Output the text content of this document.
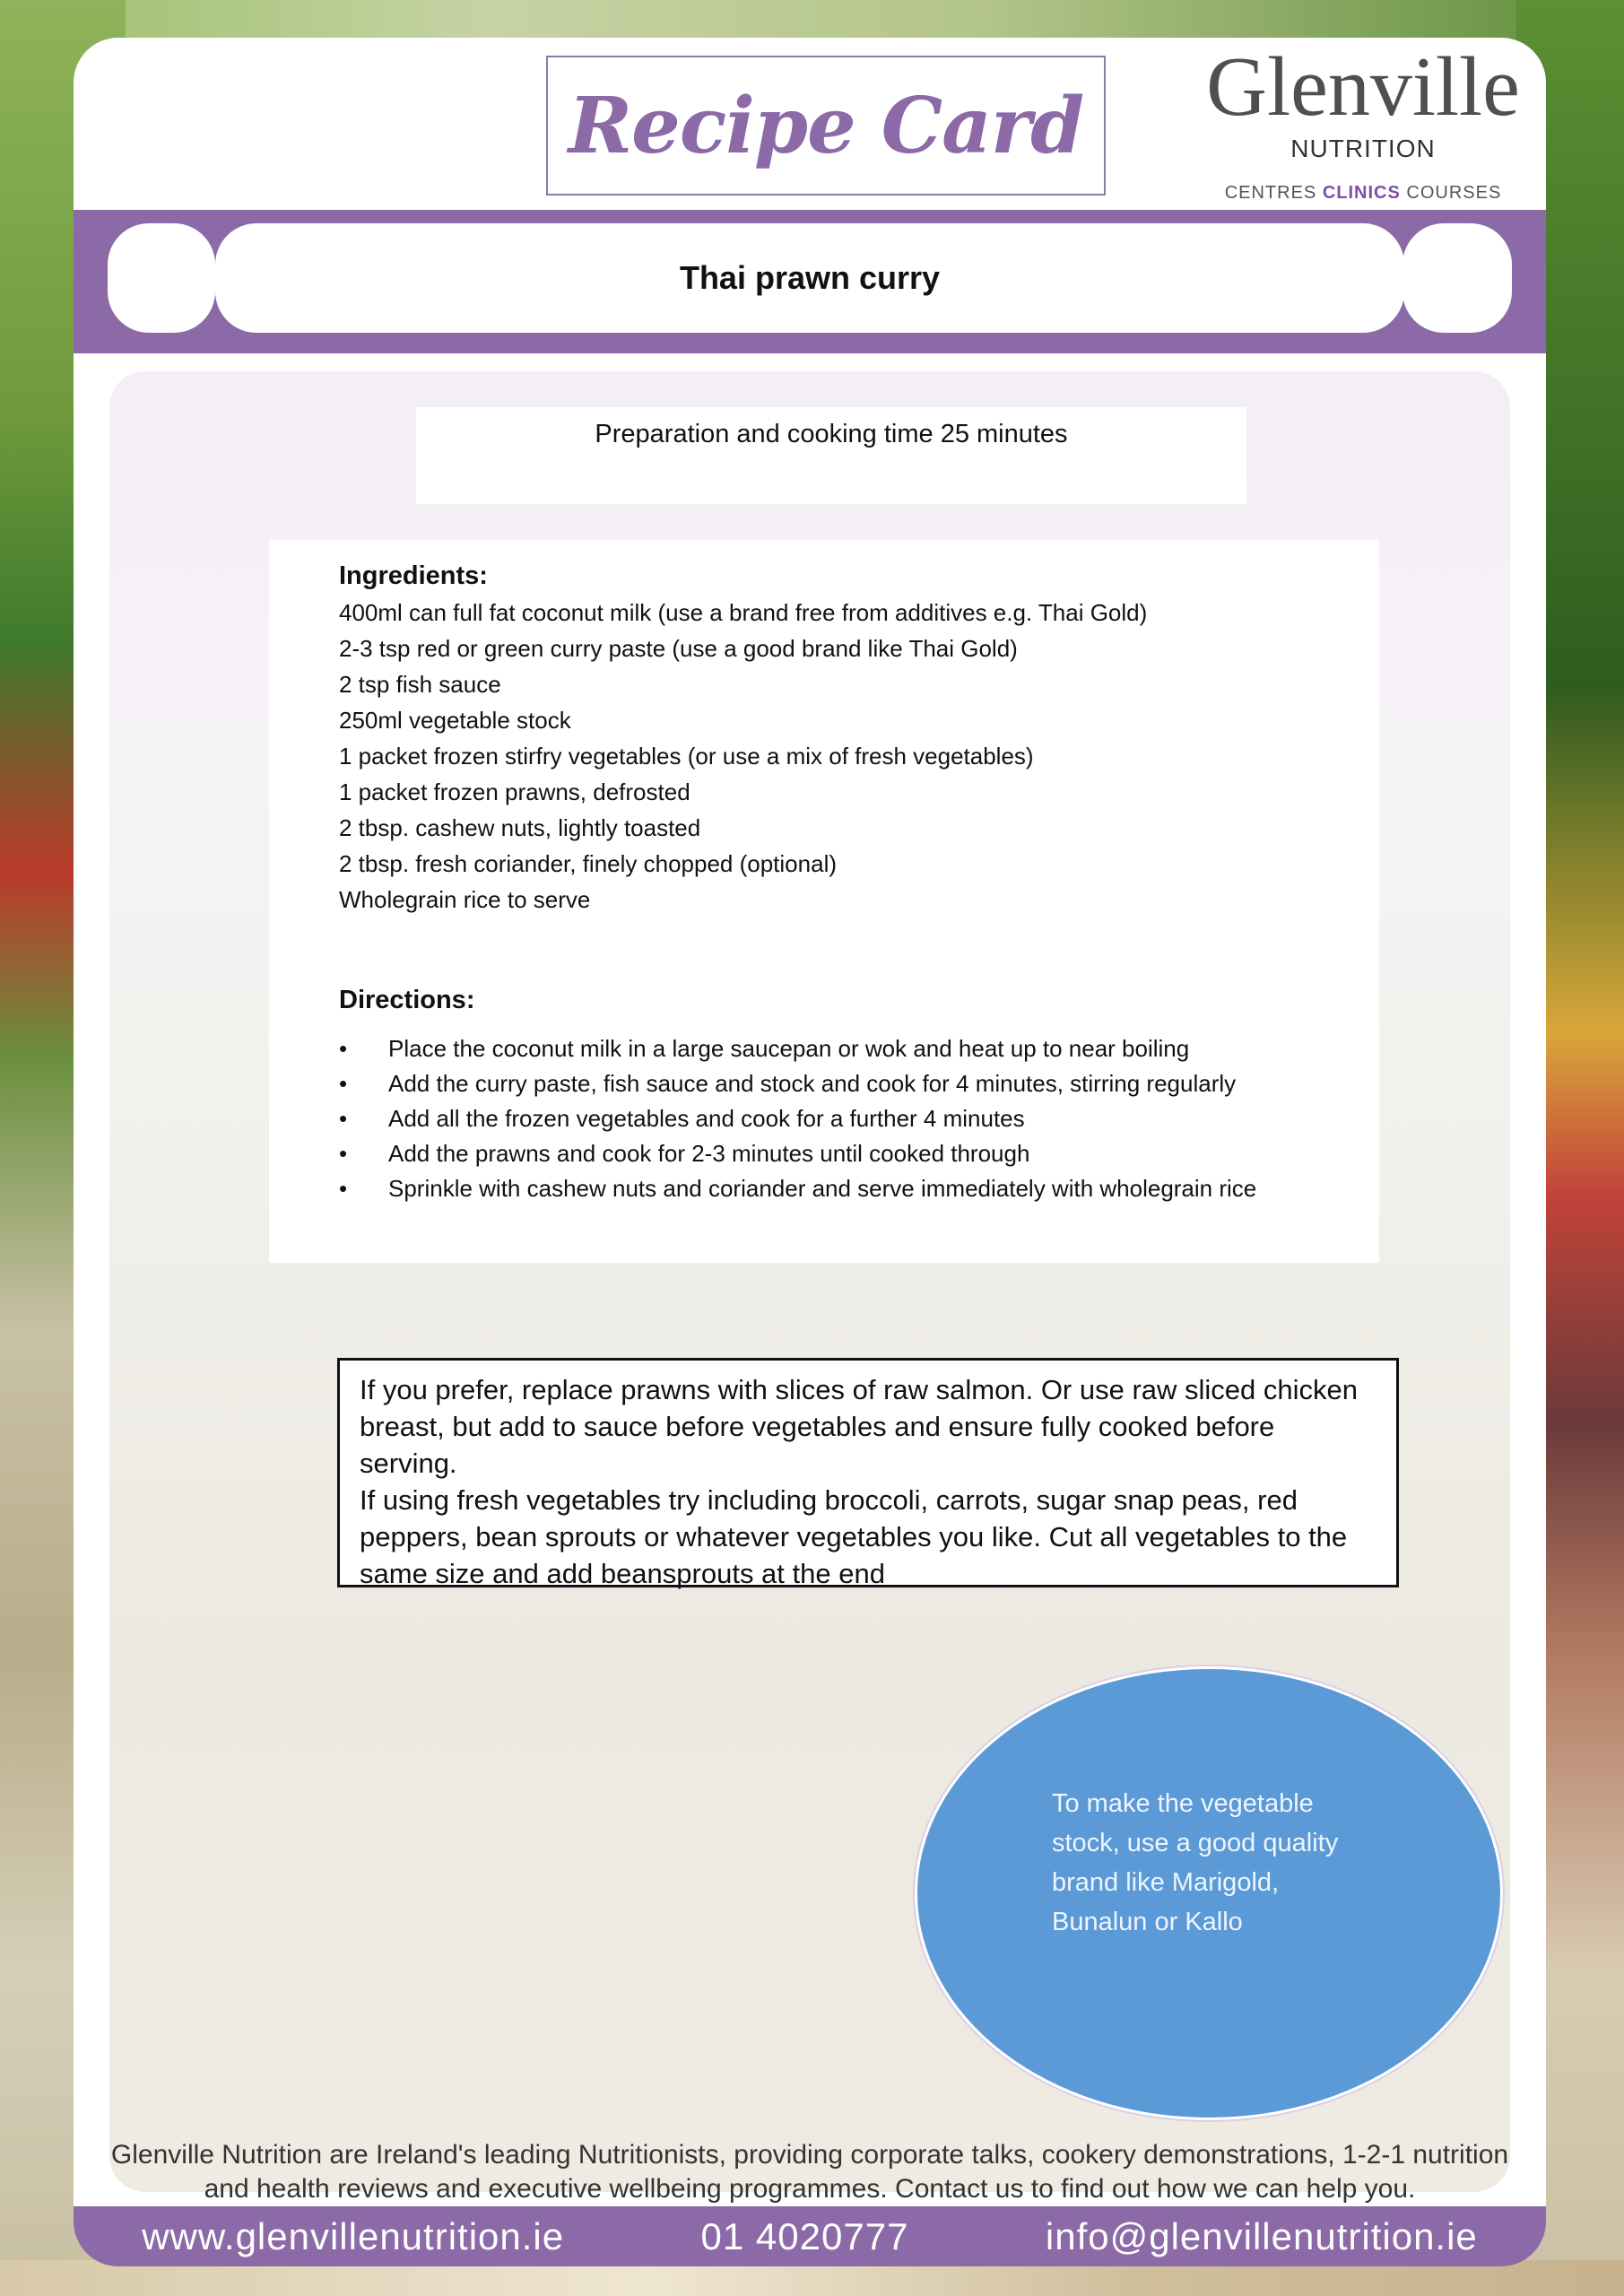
Recipe Card Glenville
NUTRITION
CENTRES CLINICS COURSES
Thai prawn curry
Preparation and cooking time 25 minutes
Ingredients:
400ml can full fat coconut milk (use a brand free from additives e.g. Thai Gold)
2-3 tsp red or green curry paste (use a good brand like Thai Gold)
2 tsp fish sauce
250ml vegetable stock
1 packet frozen stirfry vegetables (or use a mix of fresh vegetables)
1 packet frozen prawns, defrosted
2 tbsp. cashew nuts, lightly toasted
2 tbsp. fresh coriander, finely chopped (optional)
Wholegrain rice to serve
Directions:
• Place the coconut milk in a large saucepan or wok and heat up to near boiling
• Add the curry paste, fish sauce and stock and cook for 4 minutes, stirring regularly
• Add all the frozen vegetables and cook for a further 4 minutes
• Add the prawns and cook for 2-3 minutes until cooked through
• Sprinkle with cashew nuts and coriander and serve immediately with wholegrain rice

If you prefer, replace prawns with slices of raw salmon. Or use raw sliced chicken

breast, but add to sauce before vegetables and ensure fully cooked before serving.

If using fresh vegetables try including broccoli, carrots, sugar snap peas, red

peppers, bean sprouts or whatever vegetables you like. Cut all vegetables to the

same size and add beansprouts at the end

To make the vegetable
stock, use a good quality
brand like Marigold,
Bunalun or Kallo
Glenville Nutrition are Ireland's leading Nutritionists, providing corporate talks, cookery demonstrations, 1-2-1 nutrition
and health reviews and executive wellbeing programmes. Contact us to find out how we can help you.
www.glenvillenutrition.ie	01 4020777	info@glenvillenutrition.ie
